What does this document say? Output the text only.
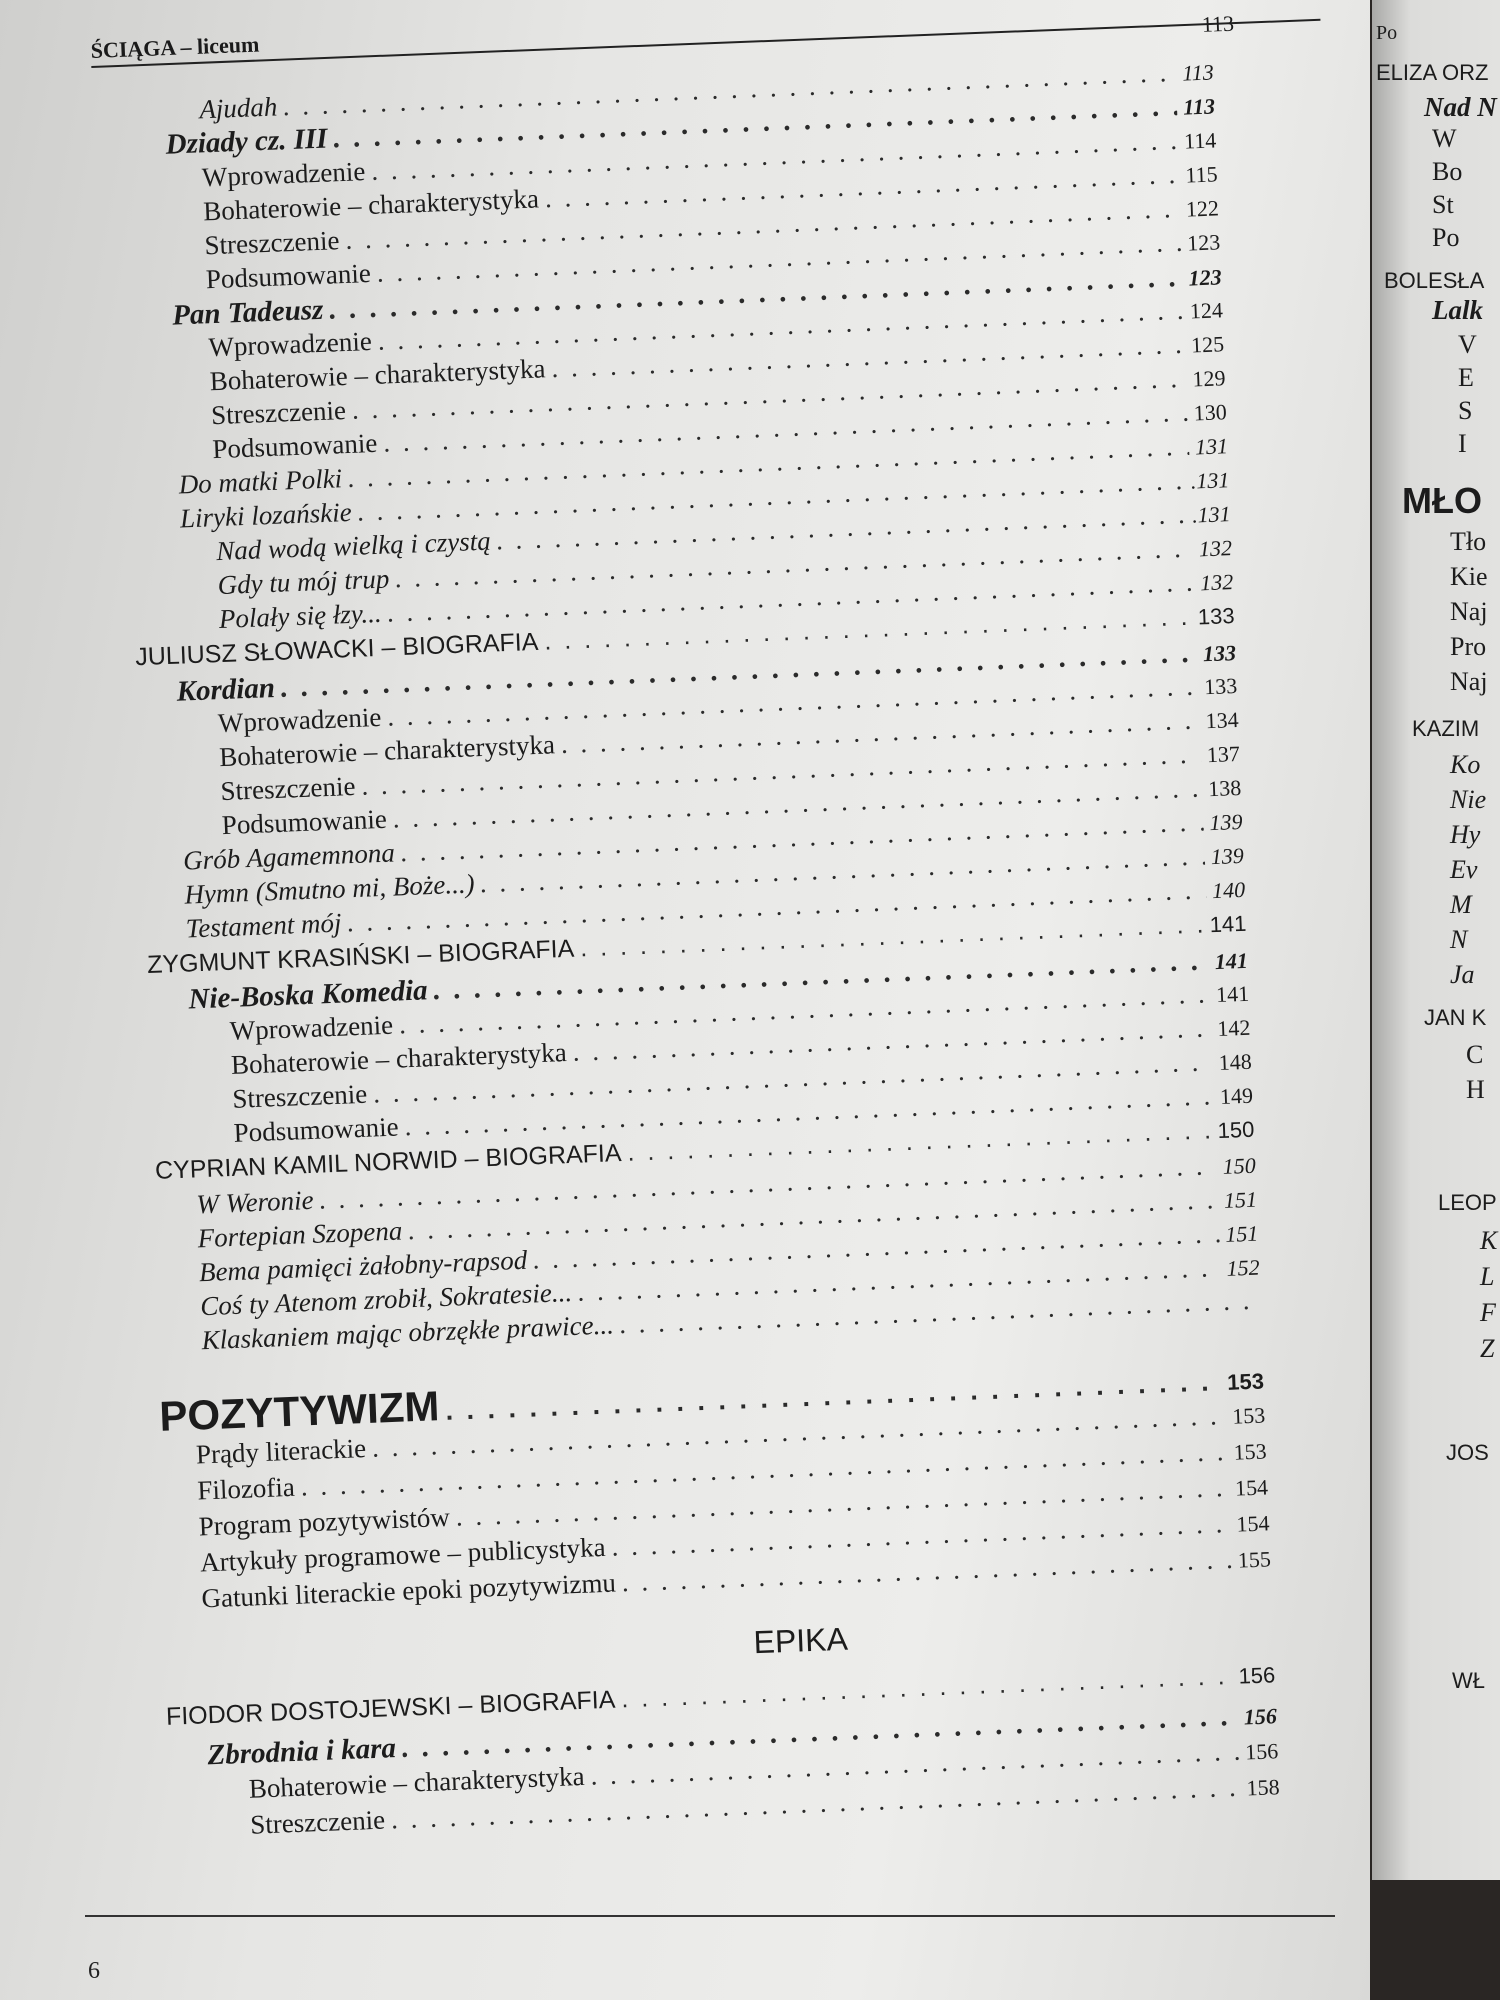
ŚCIĄGA – liceum
113
Ajudah
. . .
113
Dziady cz. III
. . .
113
Wprowadzenie
. . .
114
Bohaterowie – charakterystyka
. . .
115
Streszczenie
. . .
122
Podsumowanie
. . .
123
Pan Tadeusz
. . .
123
Wprowadzenie
. . .
124
Bohaterowie – charakterystyka
. . .
125
Streszczenie
. . .
129
Podsumowanie
. . .
130
Do matki Polki
. . .
131
Liryki lozańskie
. . .
.131
Nad wodą wielką i czystą
. . .
.131
Gdy tu mój trup
. . .
132
Polały się łzy...
. . .
132
JULIUSZ SŁOWACKI – BIOGRAFIA
. . .
133
Kordian
. . .
133
Wprowadzenie
. . .
133
Bohaterowie – charakterystyka
. . .
134
Streszczenie
. . .
137
Podsumowanie
. . .
138
Grób Agamemnona
. . .
139
Hymn (Smutno mi, Boże...)
. . .
139
Testament mój
. . .
140
ZYGMUNT KRASIŃSKI – BIOGRAFIA
. . .
141
Nie-Boska Komedia
. . .
141
Wprowadzenie
. . .
141
Bohaterowie – charakterystyka
. . .
142
Streszczenie
. . .
148
Podsumowanie
. . .
149
CYPRIAN KAMIL NORWID – BIOGRAFIA
. . .
150
W Weronie
. . .
150
Fortepian Szopena
. . .
151
Bema pamięci żałobny-rapsod
. . .
151
Coś ty Atenom zrobił, Sokratesie...
. . .
152
Klaskaniem mając obrzękłe prawice...
. . .
POZYTYWIZM
. . .
153
Prądy literackie
. . .
153
Filozofia
. . .
153
Program pozytywistów
. . .
154
Artykuły programowe – publicystyka
. . .
154
Gatunki literackie epoki pozytywizmu
. . .
155
EPIKA
FIODOR DOSTOJEWSKI – BIOGRAFIA
. . .
156
Zbrodnia i kara
. . .
156
Bohaterowie – charakterystyka
. . .
156
Streszczenie
. . .
158
6
Po
ELIZA ORZ
Nad N
W
Bo
St
Po
BOLESŁA
Lalk
V
E
S
I
MŁO
Tło
Kie
Naj
Pro
Naj
KAZIM
Ko
Nie
Hy
Ev
M
N
Ja
JAN K
C
H
LEOP
K
L
F
Z
JOS
WŁ
